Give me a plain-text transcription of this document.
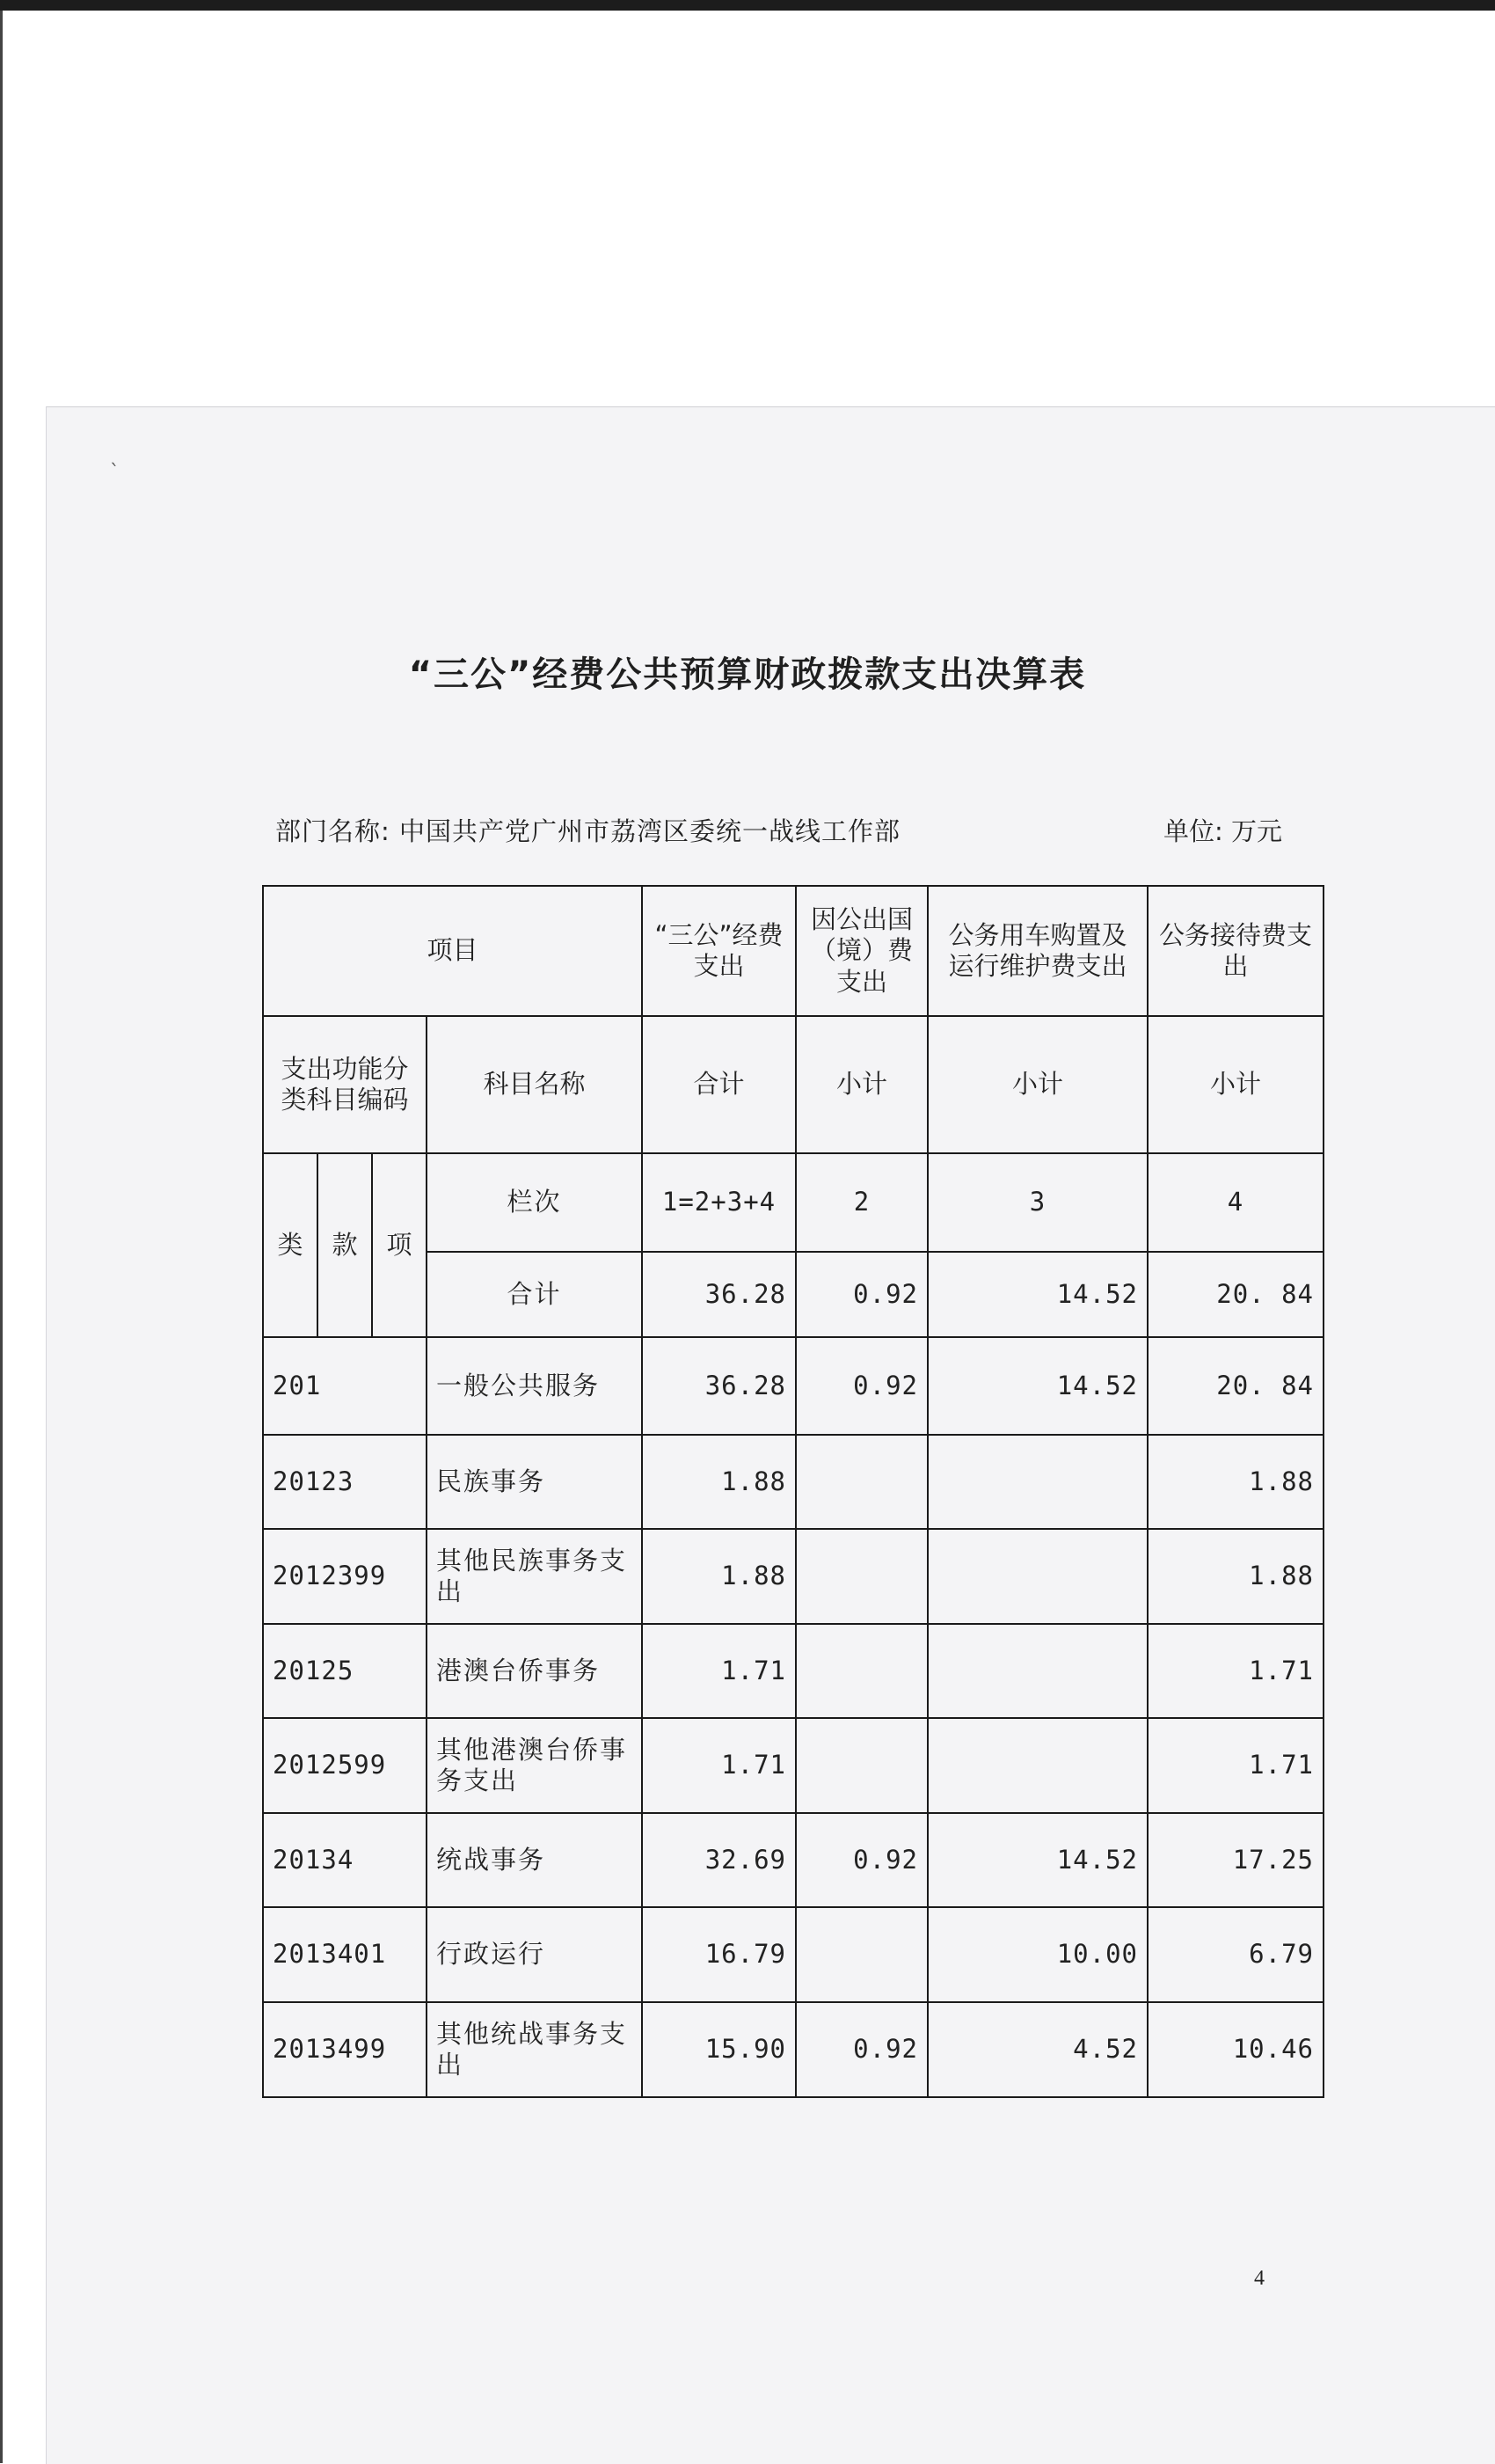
`
“三公”经费公共预算财政拨款支出决算表
部门名称: 中国共产党广州市荔湾区委统一战线工作部	单位: 万元
项目				“三公”经费支出	因公出国（境）费支出	公务用车购置及运行维护费支出	公务接待费支出
支出功能分类科目编码			科目名称	合计	小计	小计	小计
类	款	项	栏次	1=2+3+4	2	3	4
			合计	36.28	0.92	14.52	20. 84
201			一般公共服务	36.28	0.92	14.52	20. 84
20123			民族事务	1.88			1.88
2012399			其他民族事务支出	1.88			1.88
20125			港澳台侨事务	1.71			1.71
2012599			其他港澳台侨事务支出	1.71			1.71
20134			统战事务	32.69	0.92	14.52	17.25
2013401			行政运行	16.79		10.00	6.79
2013499			其他统战事务支出	15.90	0.92	4.52	10.46
4
